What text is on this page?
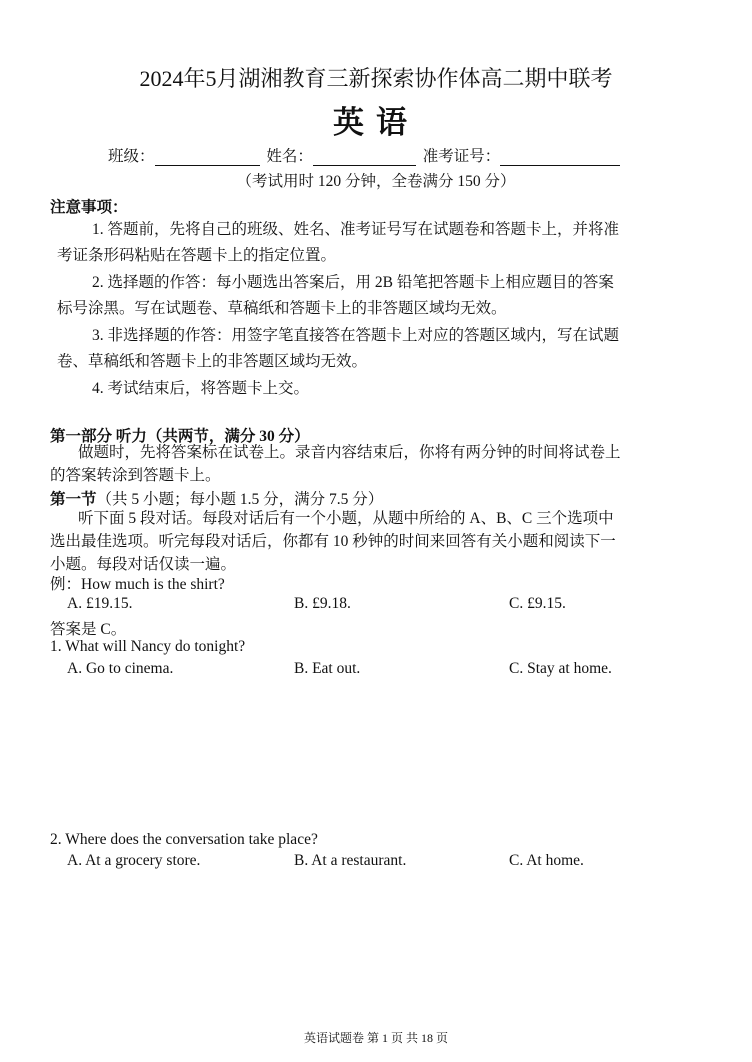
2024年5月湖湘教育三新探索协作体高二期中联考
英语
班级：	姓名：	准考证号：
（考试用时 120 分钟，全卷满分 150 分）
注意事项：
1. 答题前，先将自己的班级、姓名、准考证号写在试题卷和答题卡上，并将准
考证条形码粘贴在答题卡上的指定位置。
2. 选择题的作答：每小题选出答案后，用 2B 铅笔把答题卡上相应题目的答案
标号涂黑。写在试题卷、草稿纸和答题卡上的非答题区域均无效。
3. 非选择题的作答：用签字笔直接答在答题卡上对应的答题区域内，写在试题
卷、草稿纸和答题卡上的非答题区域均无效。
4. 考试结束后，将答题卡上交。
第一部分 听力（共两节，满分 30 分）
做题时，先将答案标在试卷上。录音内容结束后，你将有两分钟的时间将试卷上
的答案转涂到答题卡上。
第一节（共 5 小题；每小题 1.5 分，满分 7.5 分）
听下面 5 段对话。每段对话后有一个小题，从题中所给的 A、B、C 三个选项中
选出最佳选项。听完每段对话后，你都有 10 秒钟的时间来回答有关小题和阅读下一
小题。每段对话仅读一遍。
例：How much is the shirt?
A. £19.15.	B. £9.18.	C. £9.15.
答案是 C。
1. What will Nancy do tonight?
A. Go to cinema.	B. Eat out.	C. Stay at home.
2. Where does the conversation take place?
A. At a grocery store.	B. At a restaurant.	C. At home.
英语试题卷 第 1 页 共 18 页
